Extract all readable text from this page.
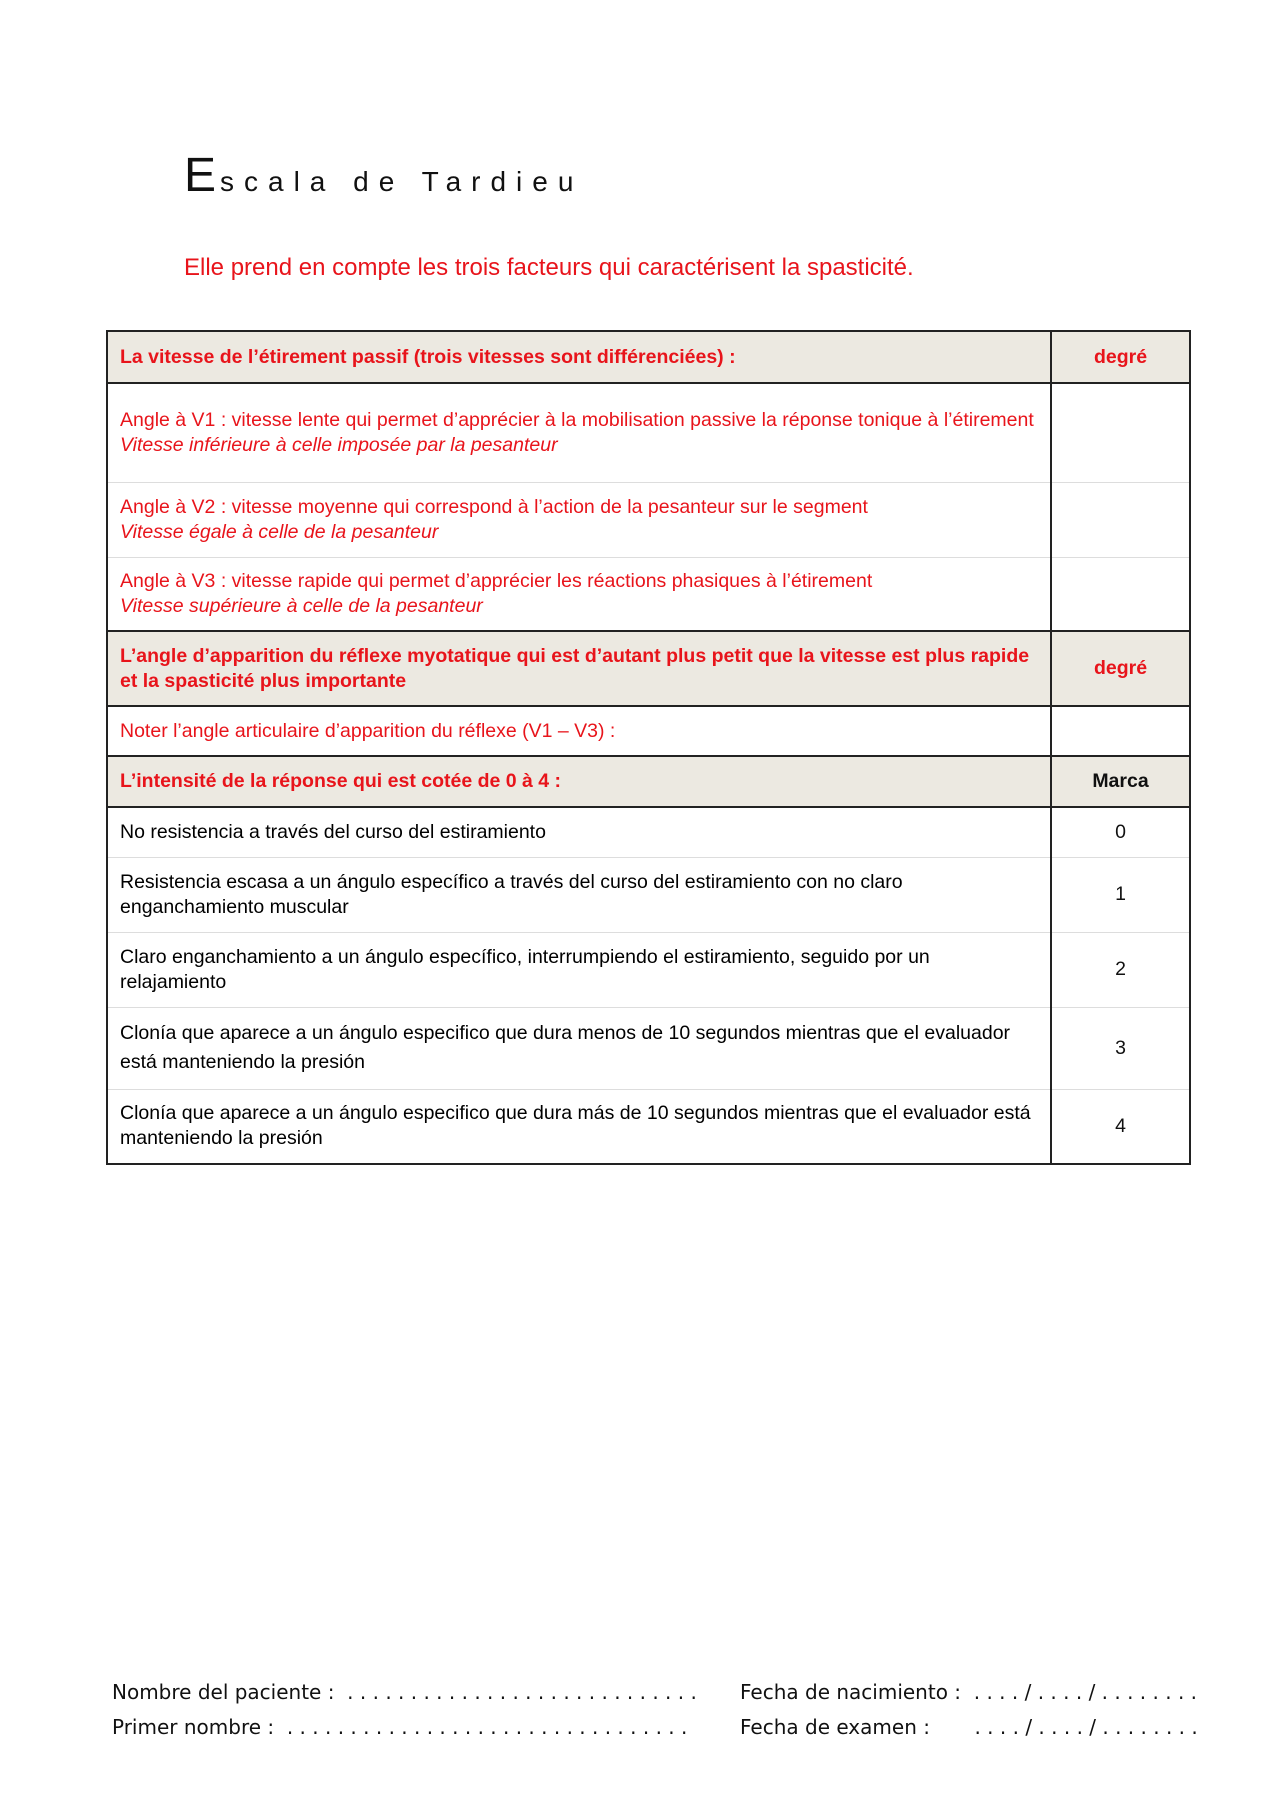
Escala de Tardieu
Elle prend en compte les trois facteurs qui caractérisent la spasticité.
La vitesse de l’étirement passif (trois vitesses sont différenciées) :	degré

Angle à V1 : vitesse lente qui permet d’apprécier à la mobilisation passive la réponse tonique à l’étirement
Vitesse inférieure à celle imposée par la pesanteur	

Angle à V2 : vitesse moyenne qui correspond à l’action de la pesanteur sur le segment
Vitesse égale à celle de la pesanteur	

Angle à V3 : vitesse rapide qui permet d’apprécier les réactions phasiques à l’étirement
Vitesse supérieure à celle de la pesanteur	
L’angle d’apparition du réflexe myotatique qui est d’autant plus petit que la vitesse est plus rapide et la spasticité plus importante	degré
Noter l’angle articulaire d’apparition du réflexe (V1 – V3) :	
L’intensité de la réponse qui est cotée de 0 à 4 :	Marca
No resistencia a través del curso del estiramiento	0
Resistencia escasa a un ángulo específico a través del curso del estiramiento con no claro enganchamiento muscular	1
Claro enganchamiento a un ángulo específico, interrumpiendo el estiramiento, seguido por un relajamiento	2
Clonía que aparece a un ángulo especifico que dura menos de 10 segundos mientras que el evaluador está manteniendo la presión	3
Clonía que aparece a un ángulo especifico que dura más de 10 segundos mientras que el evaluador está manteniendo la presión	4
Nombre del paciente :  . . . . . . . . . . . . . . . . . . . . . . . . . . . .
Primer nombre :  . . . . . . . . . . . . . . . . . . . . . . . . . . . . . . . .
Fecha de nacimiento :  . . . . / . . . . / . . . . . . . .
Fecha de examen :       . . . . / . . . . / . . . . . . . .
